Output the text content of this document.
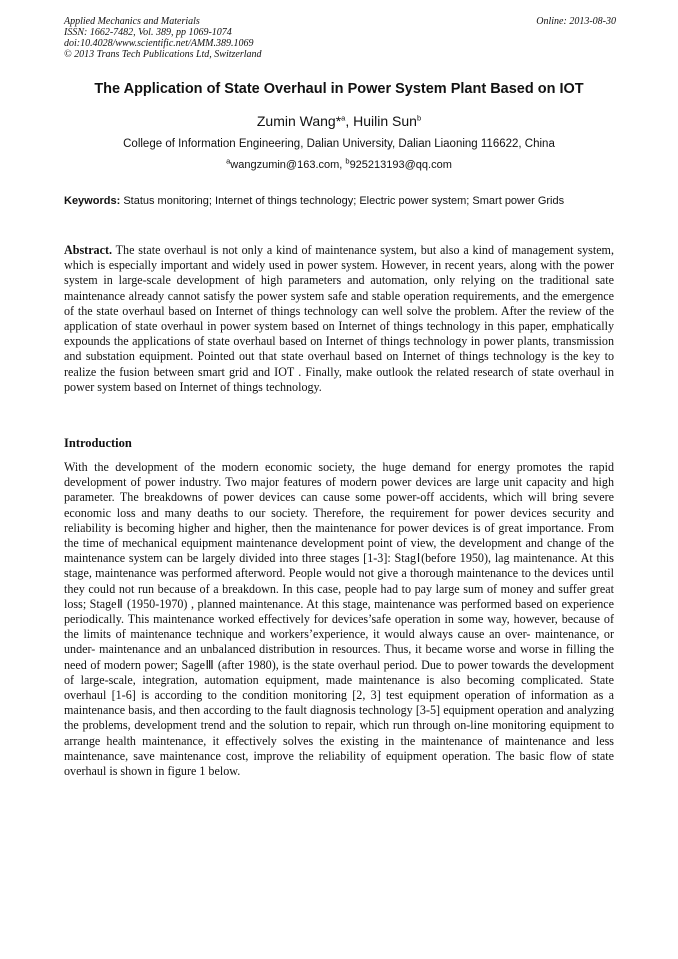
Applied Mechanics and Materials
ISSN: 1662-7482, Vol. 389, pp 1069-1074
doi:10.4028/www.scientific.net/AMM.389.1069
© 2013 Trans Tech Publications Ltd, Switzerland
Online: 2013-08-30
The Application of State Overhaul in Power System Plant Based on IOT
Zumin Wang*$^a$, Huilin Sun$^b$
College of Information Engineering, Dalian University, Dalian Liaoning 116622, China
$^a$wangzumin@163.com, $^b$925213193@qq.com
Keywords: Status monitoring; Internet of things technology; Electric power system; Smart power Grids
Abstract. The state overhaul is not only a kind of maintenance system, but also a kind of management system, which is especially important and widely used in power system. However, in recent years, along with the power system in large-scale development of high parameters and automation, only relying on the traditional sate maintenance already cannot satisfy the power system safe and stable operation requirements, and the emergence of the state overhaul based on Internet of things technology can well solve the problem. After the review of the application of state overhaul in power system based on Internet of things technology in this paper, emphatically expounds the applications of state overhaul based on Internet of things technology in power plants, transmission and substation equipment. Pointed out that state overhaul based on Internet of things technology is the key to realize the fusion between smart grid and IOT . Finally, make outlook the related research of state overhaul in power system based on Internet of things technology.
Introduction
With the development of the modern economic society, the huge demand for energy promotes the rapid development of power industry. Two major features of modern power devices are large unit capacity and high parameter. The breakdowns of power devices can cause some power-off accidents, which will bring severe economic loss and many deaths to our society. Therefore, the requirement for power devices security and reliability is becoming higher and higher, then the maintenance for power devices is of great importance. From the time of mechanical equipment maintenance development point of view, the development and change of the maintenance system can be largely divided into three stages [1-3]: StagⅠ(before 1950), lag maintenance. At this stage, maintenance was performed afterword. People would not give a thorough maintenance to the devices until they could not run because of a breakdown. In this case, people had to pay large sum of money and suffer great loss; StageⅡ (1950-1970) , planned maintenance. At this stage, maintenance was performed based on experience periodically. This maintenance worked effectively for devices’safe operation in some way, however, because of the limits of maintenance technique and workers’experience, it would always cause an over- maintenance, or under- maintenance and an unbalanced distribution in resources. Thus, it became worse and worse in filling the need of modern power; SageⅢ (after 1980), is the state overhaul period. Due to power towards the development of large-scale, integration, automation equipment, made maintenance is also becoming complicated. State overhaul [1-6] is according to the condition monitoring [2, 3] test equipment operation of information as a maintenance basis, and then according to the fault diagnosis technology [3-5] equipment operation and analyzing the problems, development trend and the solution to repair, which run through on-line monitoring equipment to arrange health maintenance, it effectively solves the existing in the maintenance of maintenance and less maintenance, save maintenance cost, improve the reliability of equipment operation. The basic flow of state overhaul is shown in figure 1 below.
